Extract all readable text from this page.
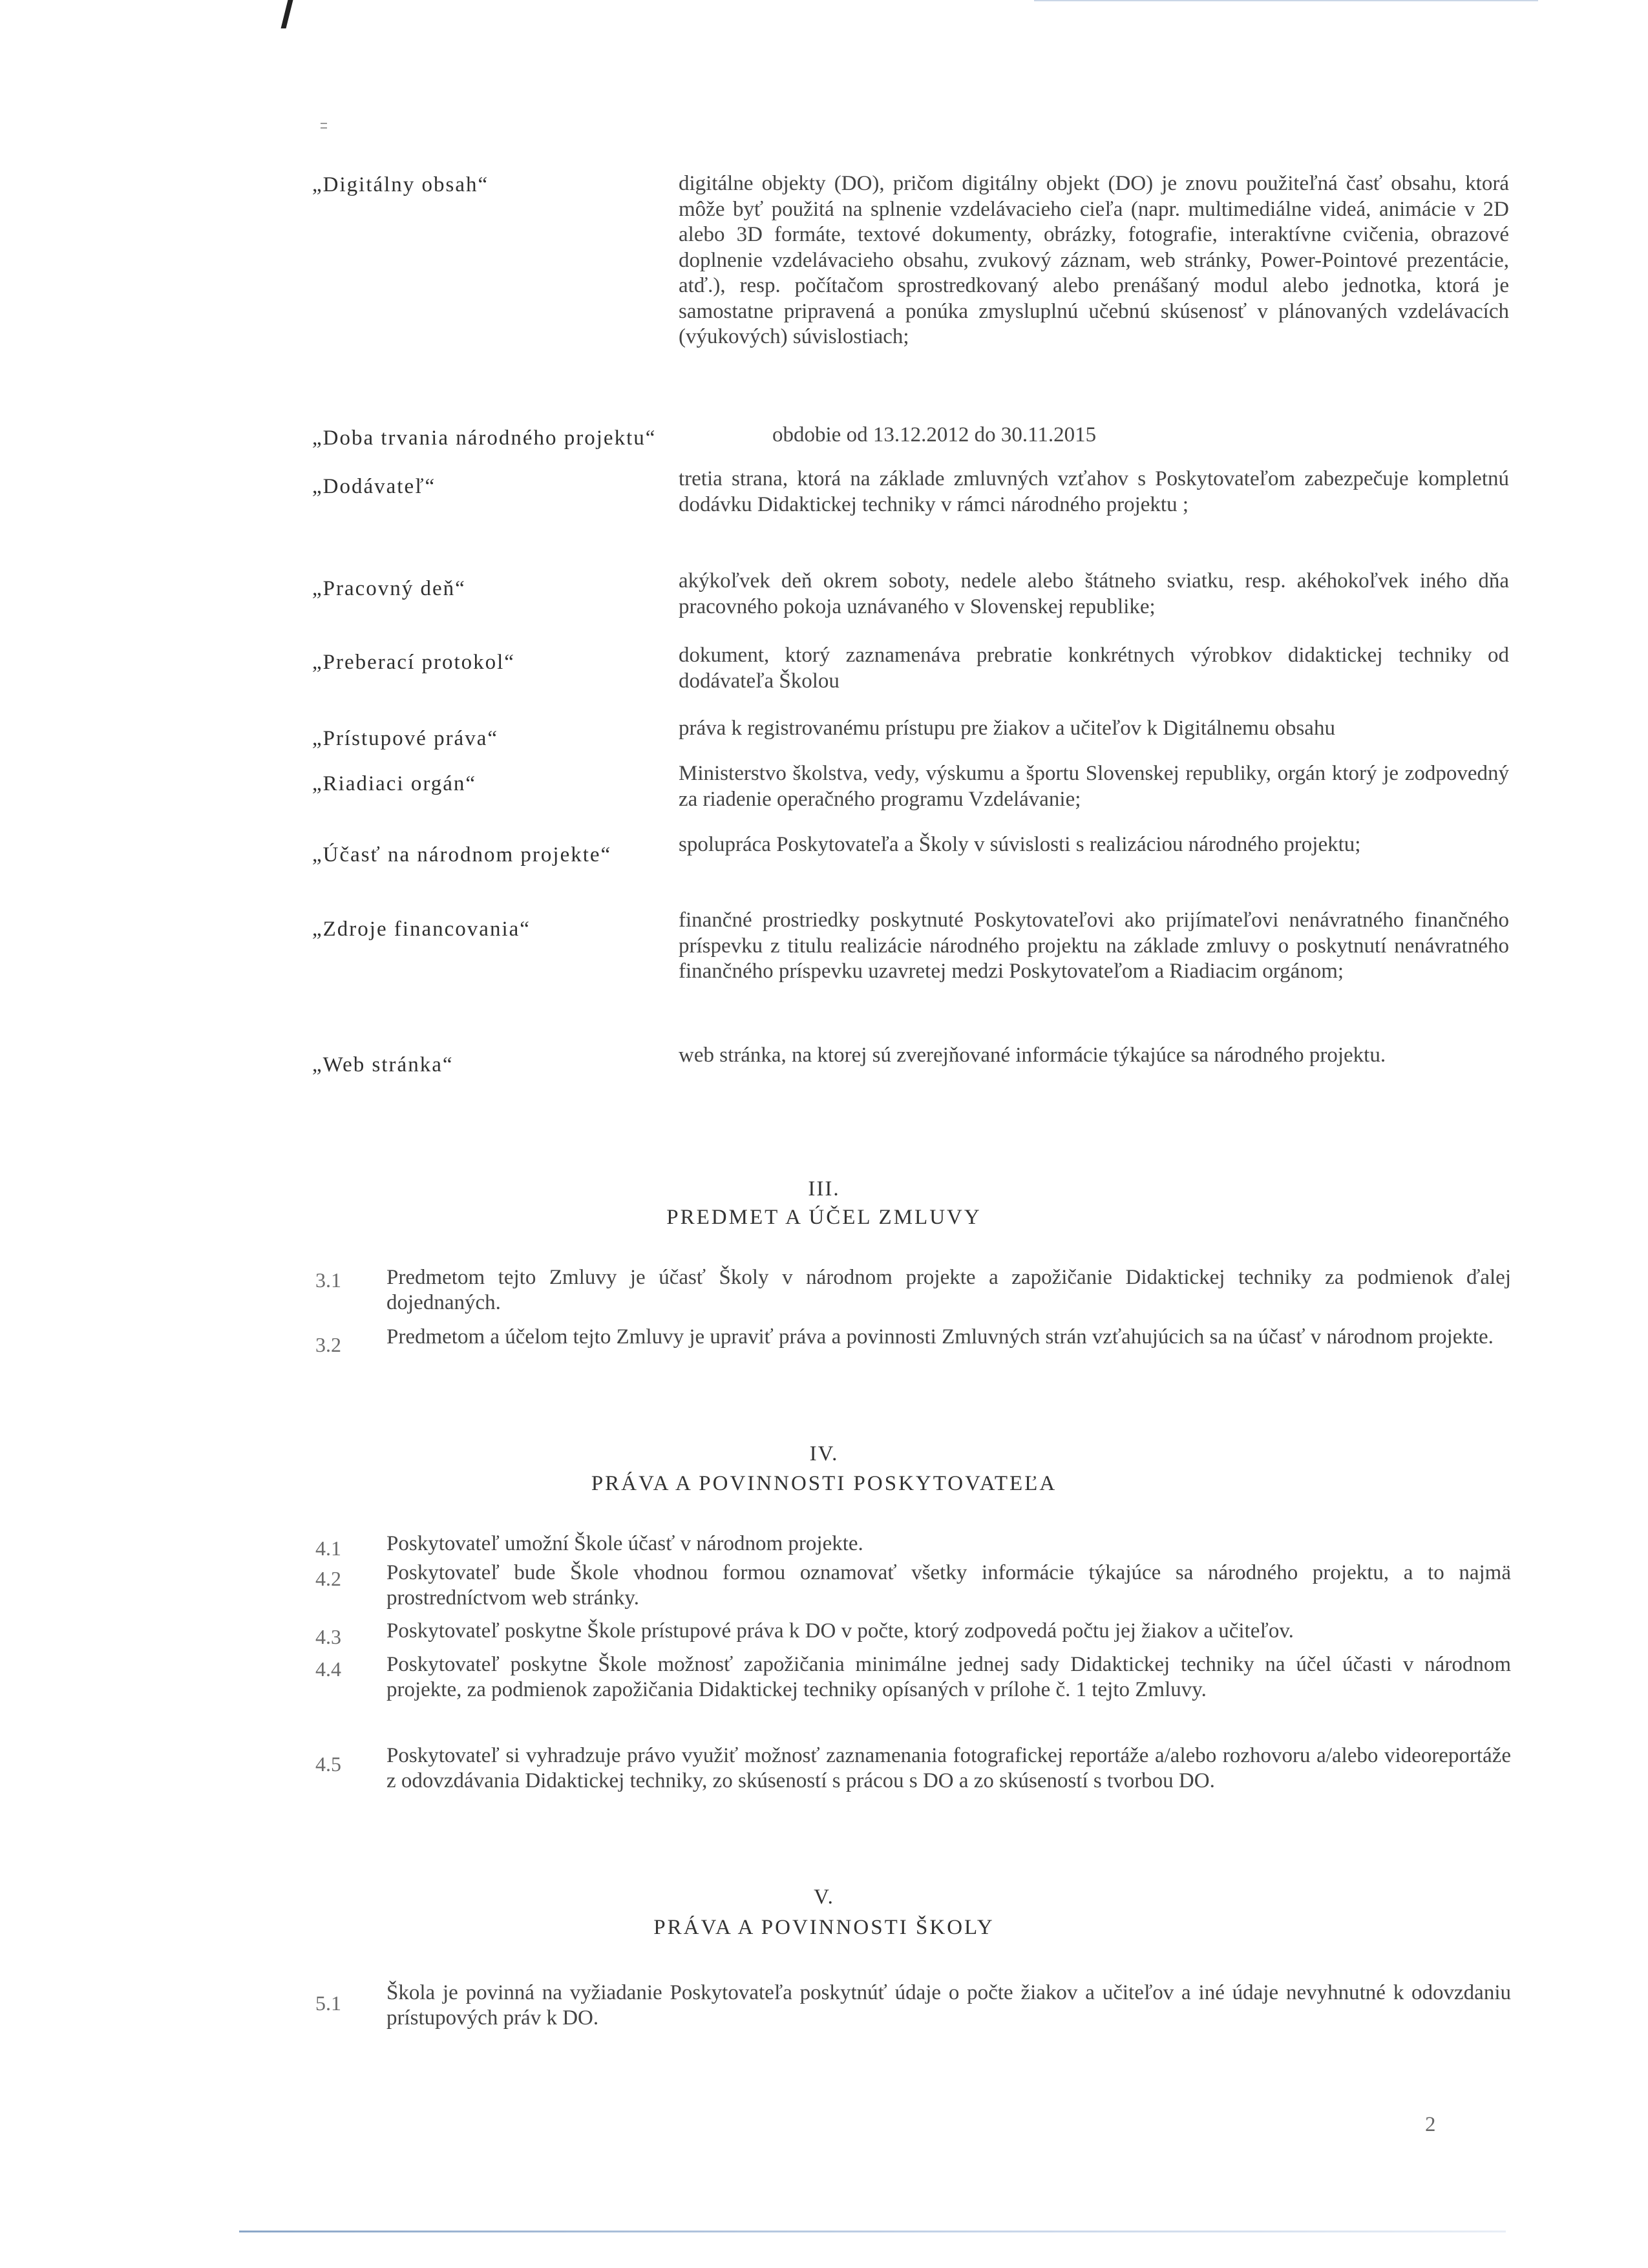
„Digitálny obsah“	digitálne objekty (DO), pričom digitálny objekt (DO) je znovu použiteľná časť obsahu, ktorá môže byť použitá na splnenie vzdelávacieho cieľa (napr. multimediálne videá, animácie v 2D alebo 3D formáte, textové dokumenty, obrázky, fotografie, interaktívne cvičenia, obrazové doplnenie vzdelávacieho obsahu, zvukový záznam, web stránky, Power-Pointové prezentácie, atď.), resp. počítačom sprostredkovaný alebo prenášaný modul alebo jednotka, ktorá je samostatne pripravená a ponúka zmysluplnú učebnú skúsenosť v plánovaných vzdelávacích (výukových) súvislostiach;
„Doba trvania národného projektu“	obdobie od 13.12.2012 do 30.11.2015
„Dodávateľ“	tretia strana, ktorá na základe zmluvných vzťahov s Poskytovateľom zabezpečuje kompletnú dodávku Didaktickej techniky v rámci národného projektu ;
„Pracovný deň“	akýkoľvek deň okrem soboty, nedele alebo štátneho sviatku, resp. akéhokoľvek iného dňa pracovného pokoja uznávaného v Slovenskej republike;
„Preberací protokol“	dokument, ktorý zaznamenáva prebratie konkrétnych výrobkov didaktickej techniky od dodávateľa Školou
„Prístupové práva“	práva k registrovanému prístupu pre žiakov a učiteľov k Digitálnemu obsahu
„Riadiaci orgán“	Ministerstvo školstva, vedy, výskumu a športu Slovenskej republiky, orgán ktorý je zodpovedný za riadenie operačného programu Vzdelávanie;
„Účasť na národnom projekte“	spolupráca Poskytovateľa a Školy v súvislosti s realizáciou národného projektu;
„Zdroje financovania“	finančné prostriedky poskytnuté Poskytovateľovi ako prijímateľovi nenávratného finančného príspevku z titulu realizácie národného projektu na základe zmluvy o poskytnutí nenávratného finančného príspevku uzavretej medzi Poskytovateľom a Riadiacim orgánom;
„Web stránka“	web stránka, na ktorej sú zverejňované informácie týkajúce sa národného projektu.
III.
PREDMET A ÚČEL ZMLUVY
3.1 Predmetom tejto Zmluvy je účasť Školy v národnom projekte a zapožičanie Didaktickej techniky za podmienok ďalej dojednaných.
3.2 Predmetom a účelom tejto Zmluvy je upraviť práva a povinnosti Zmluvných strán vzťahujúcich sa na účasť v národnom projekte.
IV.
PRÁVA A POVINNOSTI POSKYTOVATEĽA
4.1 Poskytovateľ umožní Škole účasť v národnom projekte.
4.2 Poskytovateľ bude Škole vhodnou formou oznamovať všetky informácie týkajúce sa národného projektu, a to najmä prostredníctvom web stránky.
4.3 Poskytovateľ poskytne Škole prístupové práva k DO v počte, ktorý zodpovedá počtu jej žiakov a učiteľov.
4.4 Poskytovateľ poskytne Škole možnosť zapožičania minimálne jednej sady Didaktickej techniky na účel účasti v národnom projekte, za podmienok zapožičania Didaktickej techniky opísaných v prílohe č. 1 tejto Zmluvy.
4.5 Poskytovateľ si vyhradzuje právo využiť možnosť zaznamenania fotografickej reportáže a/alebo rozhovoru a/alebo videoreportáže z odovzdávania Didaktickej techniky, zo skúseností s prácou s DO a zo skúseností s tvorbou DO.
V.
PRÁVA A POVINNOSTI ŠKOLY
5.1 Škola je povinná na vyžiadanie Poskytovateľa poskytnúť údaje o počte žiakov a učiteľov a iné údaje nevyhnutné k odovzdaniu prístupových práv k DO.
2
